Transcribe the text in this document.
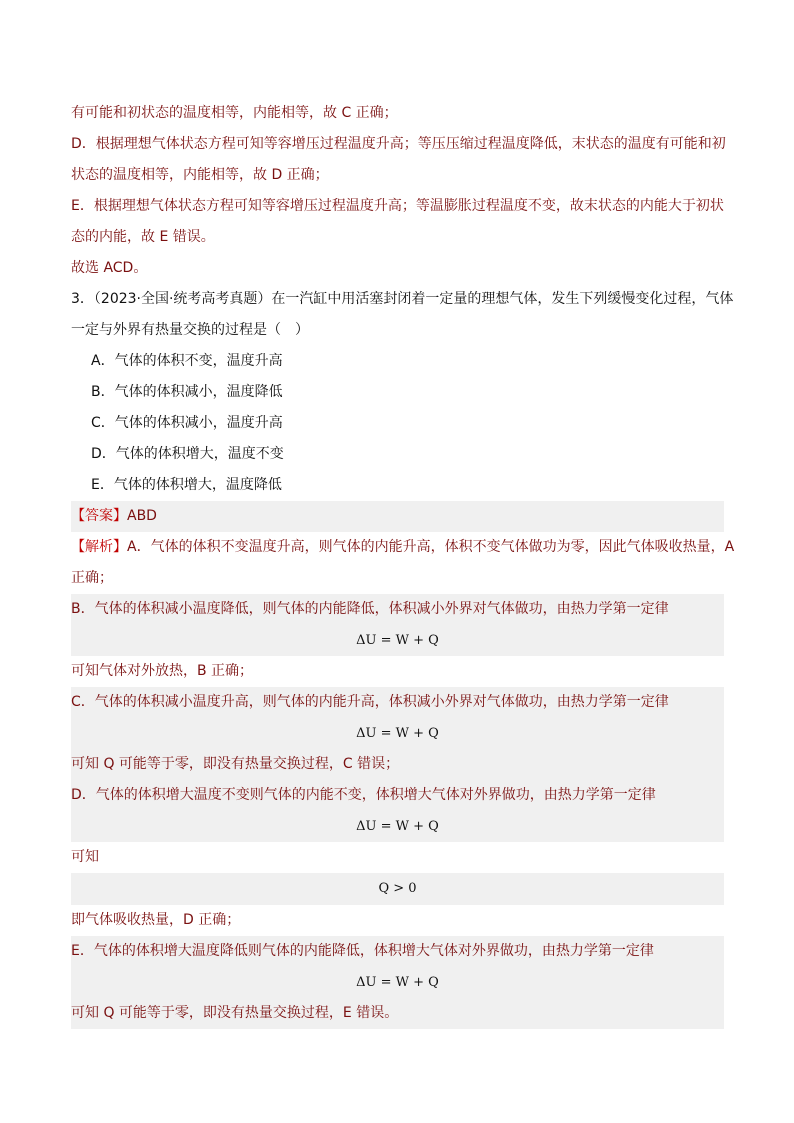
有可能和初状态的温度相等，内能相等，故 C 正确；
D．根据理想气体状态方程可知等容增压过程温度升高；等压压缩过程温度降低，末状态的温度有可能和初
状态的温度相等，内能相等，故 D 正确；
E．根据理想气体状态方程可知等容增压过程温度升高；等温膨胀过程温度不变，故末状态的内能大于初状
态的内能，故 E 错误。
故选 ACD。
3．（2023·全国·统考高考真题）在一汽缸中用活塞封闭着一定量的理想气体，发生下列缓慢变化过程，气体
一定与外界有热量交换的过程是（　）
A．气体的体积不变，温度升高
B．气体的体积减小，温度降低
C．气体的体积减小，温度升高
D．气体的体积增大，温度不变
E．气体的体积增大，温度降低
【答案】ABD
【解析】A．气体的体积不变温度升高，则气体的内能升高，体积不变气体做功为零，因此气体吸收热量，A
正确；
B．气体的体积减小温度降低，则气体的内能降低，体积减小外界对气体做功，由热力学第一定律
ΔU = W + Q
可知气体对外放热，B 正确；
C．气体的体积减小温度升高，则气体的内能升高，体积减小外界对气体做功，由热力学第一定律
ΔU = W + Q
可知 Q 可能等于零，即没有热量交换过程，C 错误；
D．气体的体积增大温度不变则气体的内能不变，体积增大气体对外界做功，由热力学第一定律
ΔU = W + Q
可知
Q > 0
即气体吸收热量，D 正确；
E．气体的体积增大温度降低则气体的内能降低，体积增大气体对外界做功，由热力学第一定律
ΔU = W + Q
可知 Q 可能等于零，即没有热量交换过程，E 错误。
